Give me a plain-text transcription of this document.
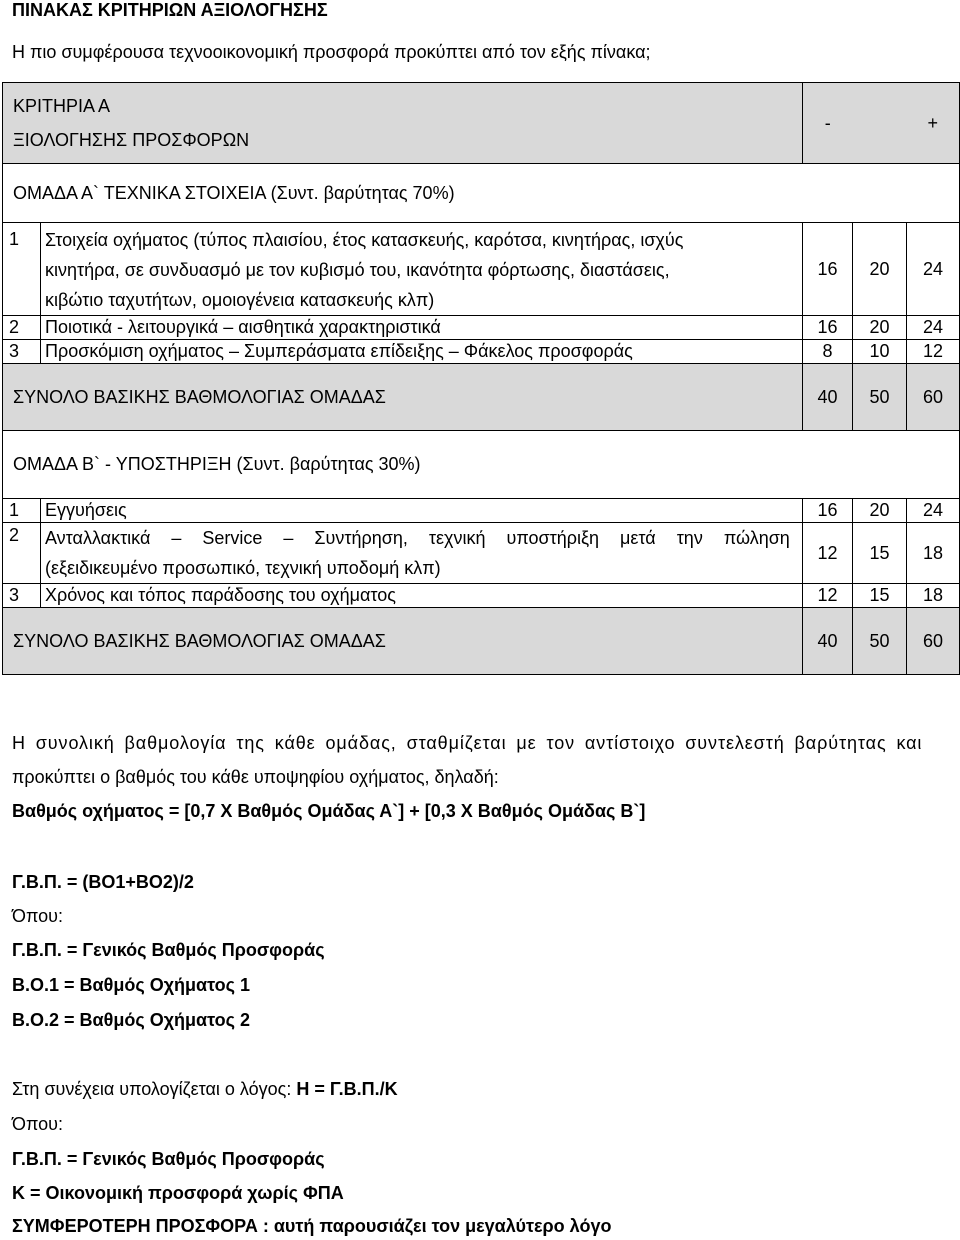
ΠΙΝΑΚΑΣ ΚΡΙΤΗΡΙΩΝ ΑΞΙΟΛΟΓΗΣΗΣ
Η πιο συμφέρουσα τεχνοοικονομική προσφορά προκύπτει από τον εξής πίνακα;
ΚΡΙΤΗΡΙΑ Α
ΞΙΟΛΟΓΗΣΗΣ ΠΡΟΣΦΟΡΩΝ		-		+
ΟΜΑΔΑ Α` ΤΕΧΝΙΚΑ ΣΤΟΙΧΕΙΑ (Συντ. βαρύτητας 70%)				
1	Στοιχεία οχήματος (τύπος πλαισίου, έτος κατασκευής, καρότσα, κινητήρας, ισχύς
κινητήρα, σε συνδυασμό με τον κυβισμό του, ικανότητα φόρτωσης, διαστάσεις,
κιβώτιο ταχυτήτων, ομοιογένεια κατασκευής κλπ)	16	20	24
2	Ποιοτικά - λειτουργικά – αισθητικά χαρακτηριστικά	16	20	24
3	Προσκόμιση οχήματος – Συμπεράσματα επίδειξης – Φάκελος προσφοράς	8	10	12
ΣΥΝΟΛΟ ΒΑΣΙΚΗΣ ΒΑΘΜΟΛΟΓΙΑΣ ΟΜΑΔΑΣ		40	50	60
ΟΜΑΔΑ Β` - ΥΠΟΣΤΗΡΙΞΗ (Συντ. βαρύτητας 30%)				
1	Εγγυήσεις	16	20	24
2	Ανταλλακτικά – Service – Συντήρηση, τεχνική υποστήριξη μετά την πώληση
(εξειδικευμένο προσωπικό, τεχνική υποδομή κλπ)	12	15	18
3	Χρόνος και τόπος παράδοσης του οχήματος	12	15	18
ΣΥΝΟΛΟ ΒΑΣΙΚΗΣ ΒΑΘΜΟΛΟΓΙΑΣ ΟΜΑΔΑΣ		40	50	60
Η συνολική βαθμολογία της κάθε ομάδας, σταθμίζεται με τον αντίστοιχο συντελεστή βαρύτητας και
προκύπτει ο βαθμός του κάθε υποψηφίου οχήματος, δηλαδή:
Βαθμός οχήματος = [0,7 Χ Βαθμός Ομάδας Α`] + [0,3 Χ Βαθμός Ομάδας Β`]
Γ.Β.Π. = (ΒΟ1+ΒΟ2)/2
Όπου:
Γ.Β.Π. = Γενικός Βαθμός Προσφοράς
Β.Ο.1 = Βαθμός Οχήματος 1
Β.Ο.2 = Βαθμός Οχήματος 2
Στη συνέχεια υπολογίζεται ο λόγος: Η = Γ.Β.Π./Κ
Όπου:
Γ.Β.Π. = Γενικός Βαθμός Προσφοράς
Κ = Οικονομική προσφορά χωρίς ΦΠΑ
ΣΥΜΦΕΡΟΤΕΡΗ ΠΡΟΣΦΟΡΑ : αυτή παρουσιάζει τον μεγαλύτερο λόγο
